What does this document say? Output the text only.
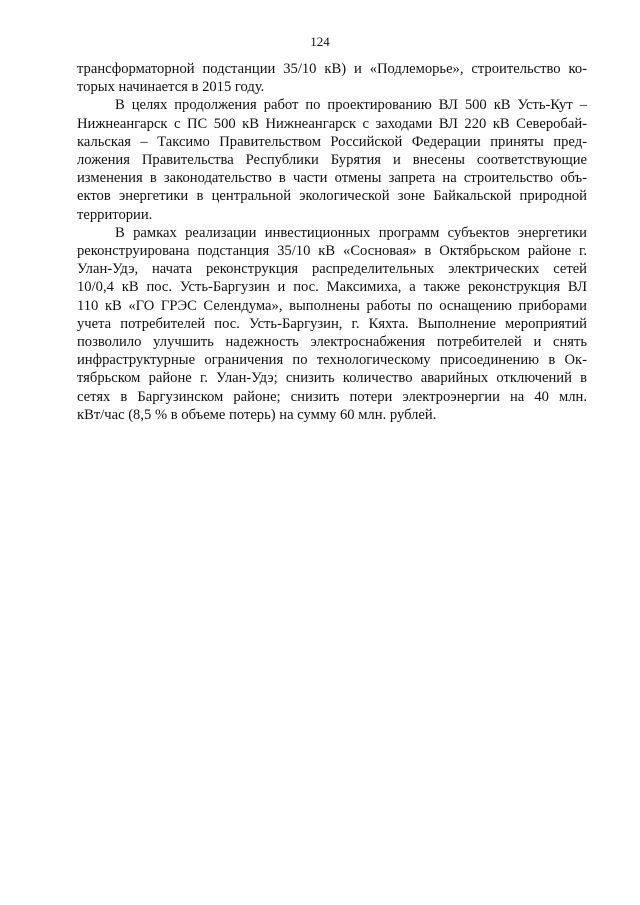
124
трансформаторной подстанции 35/10 кВ) и «Подлеморье», строительство ко-
торых начинается в 2015 году.
В целях продолжения работ по проектированию ВЛ 500 кВ Усть-Кут –
Нижнеангарск с ПС 500 кВ Нижнеангарск с заходами ВЛ 220 кВ Северобай-
кальская – Таксимо Правительством Российской Федерации приняты пред-
ложения Правительства Республики Бурятия и внесены соответствующие
изменения в законодательство в части отмены запрета на строительство объ-
ектов энергетики в центральной экологической зоне Байкальской природной
территории.
В рамках реализации инвестиционных программ субъектов энергетики
реконструирована подстанция 35/10 кВ «Сосновая» в Октябрьском районе г.
Улан-Удэ, начата реконструкция распределительных электрических сетей
10/0,4 кВ пос. Усть-Баргузин и пос. Максимиха, а также реконструкция ВЛ
110 кВ «ГО ГРЭС Селендума», выполнены работы по оснащению приборами
учета потребителей пос. Усть-Баргузин, г. Кяхта. Выполнение мероприятий
позволило улучшить надежность электроснабжения потребителей и снять
инфраструктурные ограничения по технологическому присоединению в Ок-
тябрьском районе г. Улан-Удэ; снизить количество аварийных отключений в
сетях в Баргузинском районе; снизить потери электроэнергии на 40 млн.
кВт/час (8,5 % в объеме потерь) на сумму 60 млн. рублей.
